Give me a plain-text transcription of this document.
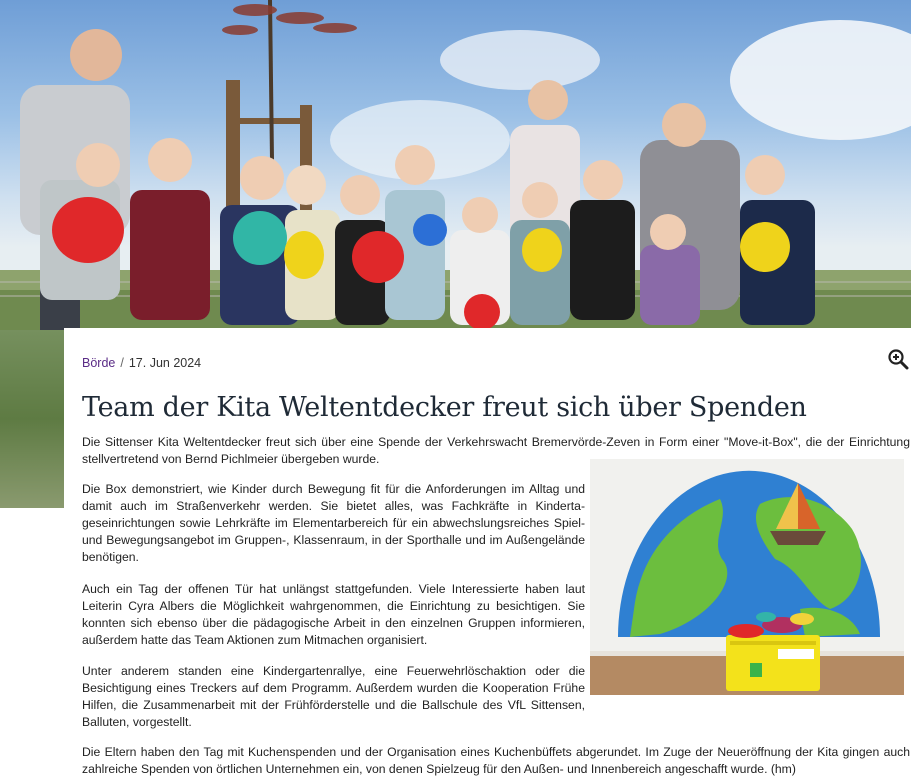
Börde / 17. Jun 2024
Team der Kita Weltentdecker freut sich über Spenden

Die Sittenser Kita Weltentdecker freut sich über eine Spende der Verkehrswacht Bremervörde-Zeven in Form einer "Move-it-Box", die der Einrichtung stellvertretend von Bernd Pichlmeier übergeben wurde.

Die Box demonstriert, wie Kinder durch Bewegung fit für die Anforderungen im Alltag und damit auch im Straßenverkehr werden. Sie bietet alles, was Fachkräfte in Kindertageseinrichtungen sowie Lehrkräfte im Elementarbereich für ein abwechslungsreiches Spiel- und Bewegungsangebot im Gruppen-, Klassenraum, in der Sporthalle und im Außengelände benötigen.

Auch ein Tag der offenen Tür hat unlängst stattgefunden. Viele Interessierte haben laut Leiterin Cyra Albers die Möglichkeit wahrgenommen, die Einrichtung zu besichtigen. Sie konnten sich ebenso über die pädagogische Arbeit in den einzelnen Gruppen informieren, außerdem hatte das Team Aktionen zum Mitmachen organisiert.

Unter anderem standen eine Kindergartenrallye, eine Feuerwehrlöschaktion oder die Besichtigung eines Treckers auf dem Programm. Außerdem wurden die Kooperation Frühe Hilfen, die Zusammenarbeit mit der Frühförderstelle und die Ballschule des VfL Sittensen, Balluten, vorgestellt.

Die Eltern haben den Tag mit Kuchenspenden und der Organisation eines Kuchenbüffets abgerundet. Im Zuge der Neueröffnung der Kita gingen auch zahlreiche Spenden von örtlichen Unternehmen ein, von denen Spielzeug für den Außen- und Innenbereich angeschafft wurde. (hm)
